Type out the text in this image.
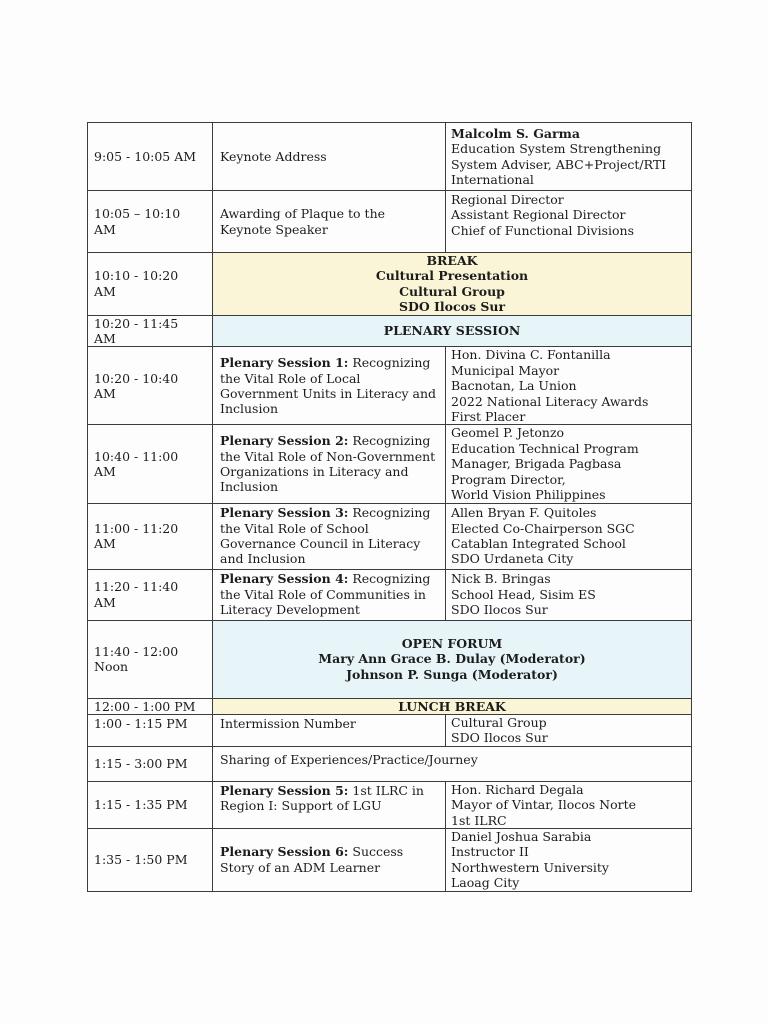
9:05 - 10:05 AM	Keynote Address	Malcolm S. Garma
Education System Strengthening
System Adviser, ABC+Project/RTI
International

10:05 – 10:10 AM	Awarding of Plaque to the Keynote Speaker	Regional Director
Assistant Regional Director
Chief of Functional Divisions

10:10 - 10:20 AM	BREAK
Cultural Presentation
Cultural Group
SDO Ilocos Sur	

10:20 - 11:45 AM	PLENARY SESSION	

10:20 - 10:40 AM	Plenary Session 1: Recognizing the Vital Role of Local Government Units in Literacy and Inclusion	Hon. Divina C. Fontanilla
Municipal Mayor
Bacnotan, La Union
2022 National Literacy Awards
First Placer

10:40 - 11:00 AM	Plenary Session 2: Recognizing the Vital Role of Non-Government Organizations in Literacy and Inclusion	Geomel P. Jetonzo
Education Technical Program
Manager, Brigada Pagbasa
Program Director,
World Vision Philippines

11:00 - 11:20 AM	Plenary Session 3: Recognizing the Vital Role of School Governance Council in Literacy and Inclusion	Allen Bryan F. Quitoles
Elected Co-Chairperson SGC
Catablan Integrated School
SDO Urdaneta City

11:20 - 11:40 AM	Plenary Session 4: Recognizing the Vital Role of Communities in Literacy Development	Nick B. Bringas
School Head, Sisim ES
SDO Ilocos Sur

11:40 - 12:00 Noon	OPEN FORUM
Mary Ann Grace B. Dulay (Moderator)
Johnson P. Sunga (Moderator)	

12:00 - 1:00 PM	LUNCH BREAK	

1:00 - 1:15 PM	Intermission Number	Cultural Group
SDO Ilocos Sur

1:15 - 3:00 PM	Sharing of Experiences/Practice/Journey	
1:15 - 1:35 PM	Plenary Session 5: 1st ILRC in Region I: Support of LGU	Hon. Richard Degala
Mayor of Vintar, Ilocos Norte
1st ILRC

1:35 - 1:50 PM	Plenary Session 6: Success Story of an ADM Learner	Daniel Joshua Sarabia
Instructor II
Northwestern University
Laoag City
